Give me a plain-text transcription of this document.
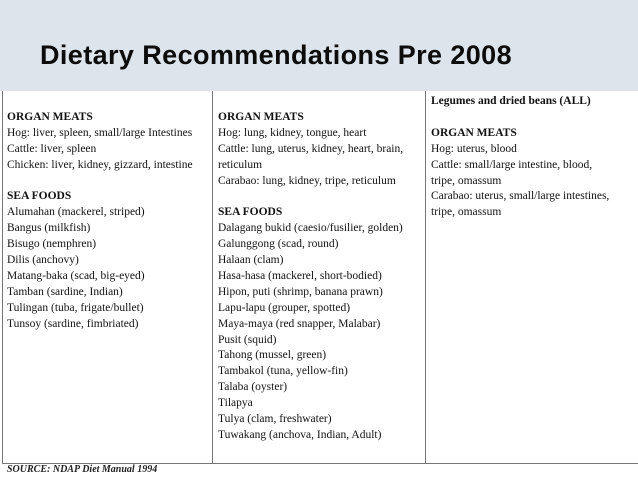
Dietary Recommendations Pre 2008
ORGAN MEATS
Hog: liver, spleen, small/large Intestines
Cattle: liver, spleen
Chicken: liver, kidney, gizzard, intestine
SEA FOODS
Alumahan (mackerel, striped)
Bangus (milkfish)
Bisugo (nemphren)
Dilis (anchovy)
Matang-baka (scad, big-eyed)
Tamban (sardine, Indian)
Tulingan (tuba, frigate/bullet)
Tunsoy (sardine, fimbriated)
ORGAN MEATS
Hog: lung, kidney, tongue, heart
Cattle: lung, uterus, kidney, heart, brain,
reticulum
Carabao: lung, kidney, tripe, reticulum
SEA FOODS
Dalagang bukid (caesio/fusilier, golden)
Galunggong (scad, round)
Halaan (clam)
Hasa-hasa (mackerel, short-bodied)
Hipon, puti (shrimp, banana prawn)
Lapu-lapu (grouper, spotted)
Maya-maya (red snapper, Malabar)
Pusit (squid)
Tahong (mussel, green)
Tambakol (tuna, yellow-fin)
Talaba (oyster)
Tilapya
Tulya (clam, freshwater)
Tuwakang (anchova, Indian, Adult)
Legumes and dried beans (ALL)
ORGAN MEATS
Hog: uterus, blood
Cattle: small/large intestine, blood,
tripe, omassum
Carabao: uterus, small/large intestines,
tripe, omassum
SOURCE: NDAP Diet Manual 1994
